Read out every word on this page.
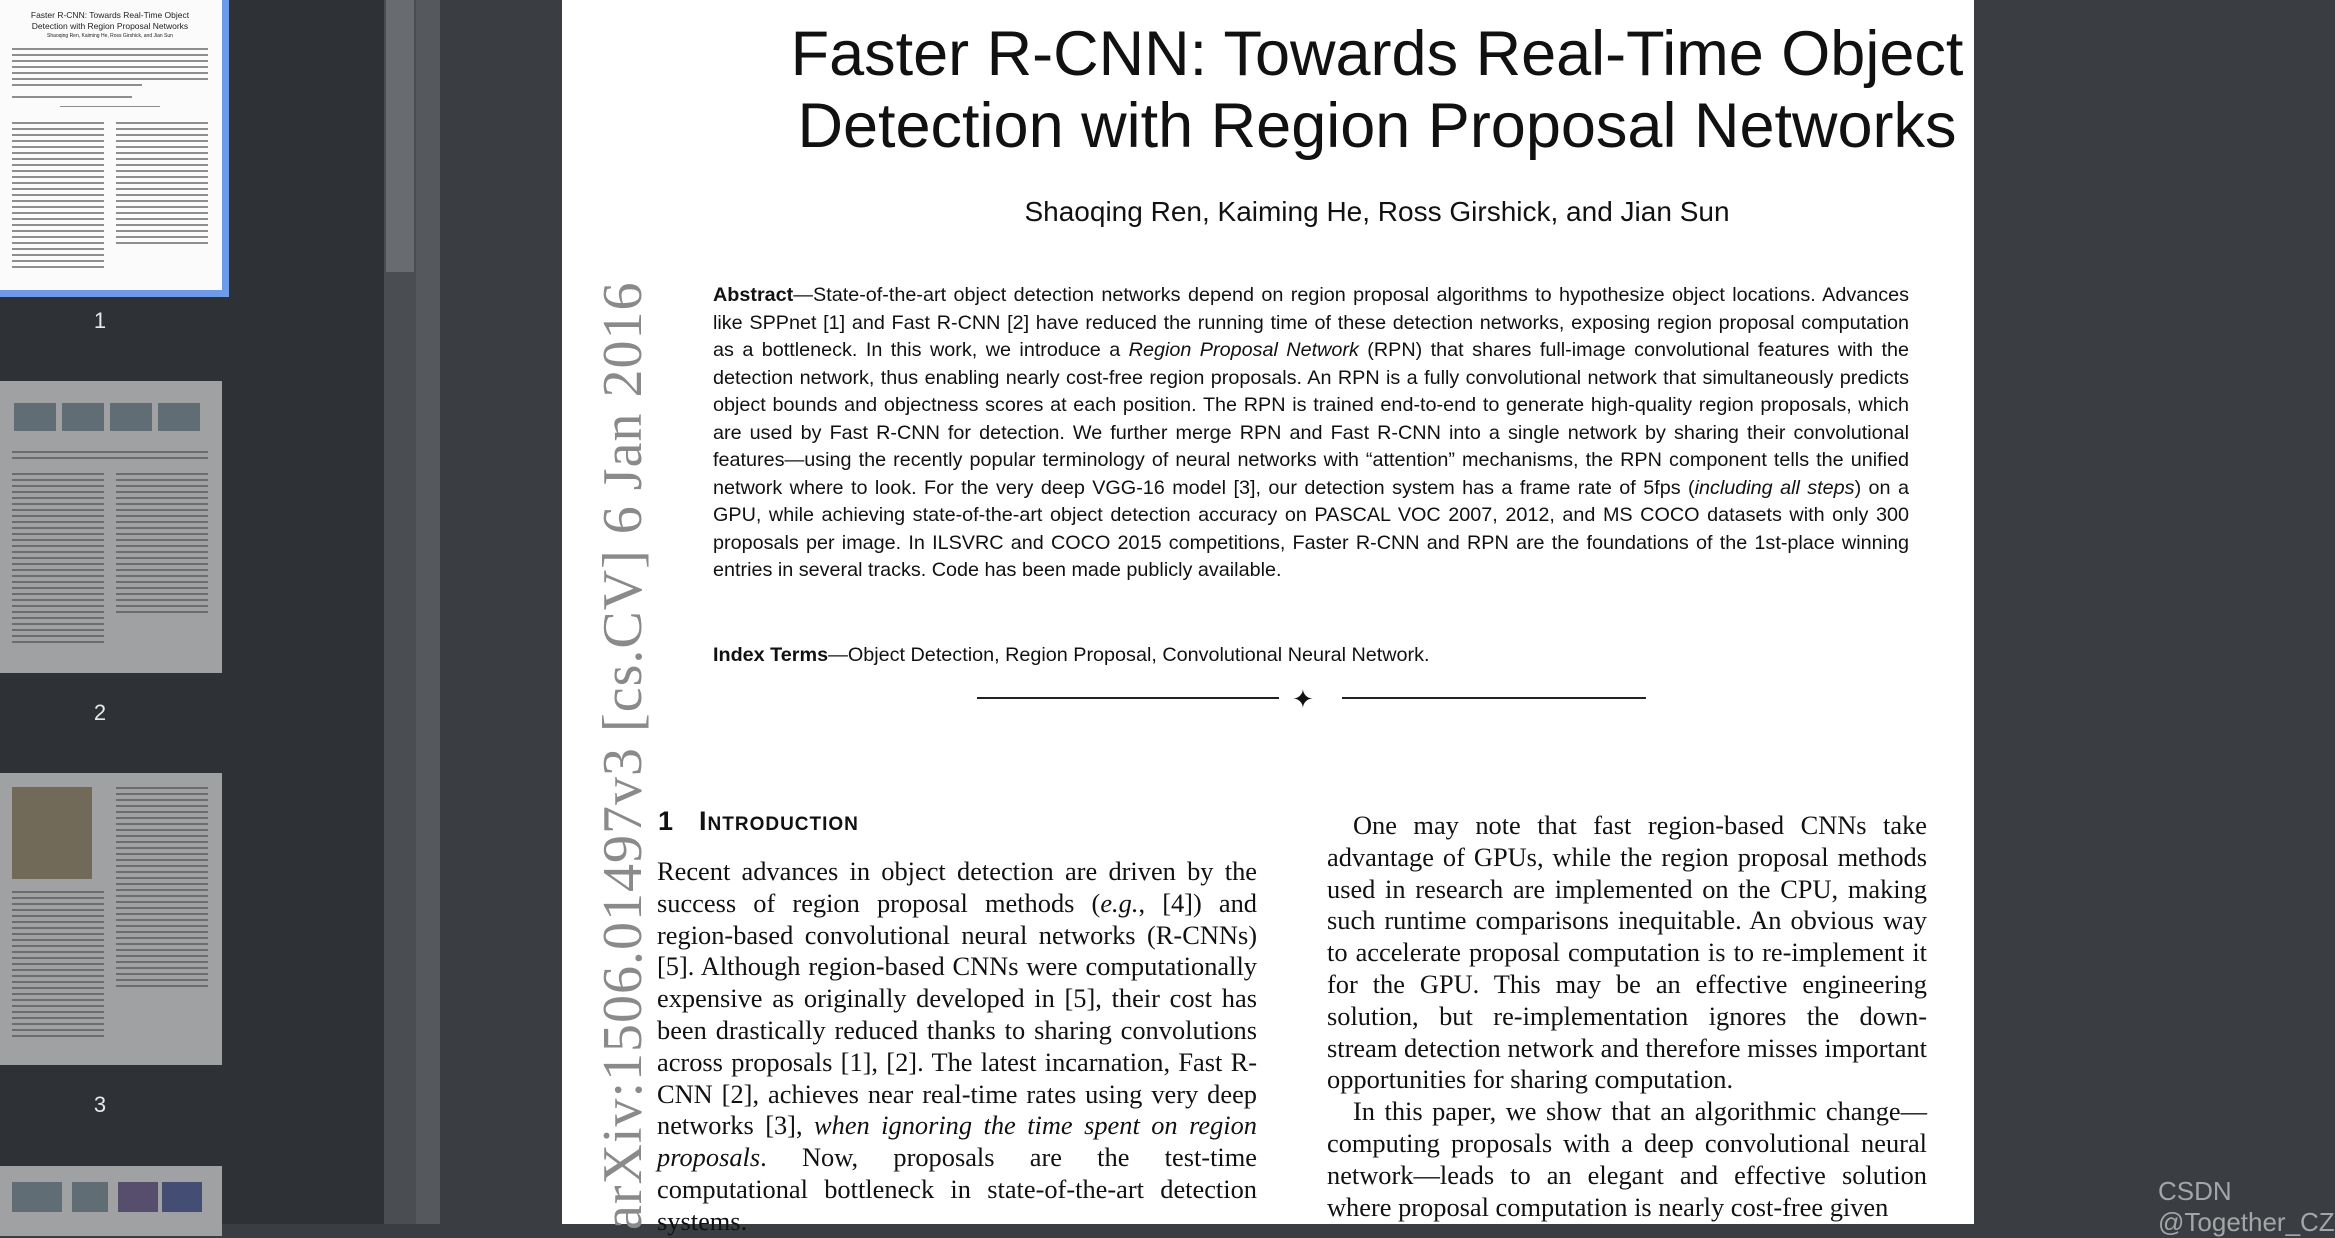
Faster R-CNN: Towards Real-Time Object
Detection with Region Proposal Networks
Shaoqing Ren, Kaiming He, Ross Girshick, and Jian Sun
1
2
3
Faster R-CNN: Towards Real-Time Object
Detection with Region Proposal Networks
Shaoqing Ren, Kaiming He, Ross Girshick, and Jian Sun
Abstract—State-of-the-art object detection networks depend on region proposal algorithms to hypothesize object locations. Advances like SPPnet [1] and Fast R-CNN [2] have reduced the running time of these detection networks, exposing region proposal computation as a bottleneck. In this work, we introduce a Region Proposal Network (RPN) that shares full-image convolutional features with the detection network, thus enabling nearly cost-free region proposals. An RPN is a fully convolutional network that simultaneously predicts object bounds and objectness scores at each position. The RPN is trained end-to-end to generate high-quality region proposals, which are used by Fast R-CNN for detection. We further merge RPN and Fast R-CNN into a single network by sharing their convolutional features—using the recently popular terminology of neural networks with “attention” mechanisms, the RPN component tells the unified network where to look. For the very deep VGG-16 model [3], our detection system has a frame rate of 5fps (including all steps) on a GPU, while achieving state-of-the-art object detection accuracy on PASCAL VOC 2007, 2012, and MS COCO datasets with only 300 proposals per image. In ILSVRC and COCO 2015 competitions, Faster R-CNN and RPN are the foundations of the 1st-place winning entries in several tracks. Code has been made publicly available.
Index Terms—Object Detection, Region Proposal, Convolutional Neural Network.
✦
arXiv:1506.01497v3 [cs.CV] 6 Jan 2016 1 Introduction
Recent advances in object detection are driven by the success of region proposal methods (e.g., [4]) and region-based convolutional neural networks (R-CNNs) [5]. Although region-based CNNs were computationally expensive as originally developed in [5], their cost has been drastically reduced thanks to sharing convolutions across proposals [1], [2]. The latest incarnation, Fast R-CNN [2], achieves near real-time rates using very deep networks [3], when ignoring the time spent on region proposals. Now, proposals are the test-time computational bottleneck in state-of-the-art detection systems.
One may note that fast region-based CNNs take advantage of GPUs, while the region proposal methods used in research are implemented on the CPU, making such runtime comparisons inequitable. An obvious way to accelerate proposal computation is to re-implement it for the GPU. This may be an effective engineering solution, but re-implementation ignores the down-stream detection network and therefore misses important opportunities for sharing computation.
In this paper, we show that an algorithmic change—computing proposals with a deep convolutional neural network—leads to an elegant and effective solution where proposal computation is nearly cost-free given
CSDN @Together_CZ
